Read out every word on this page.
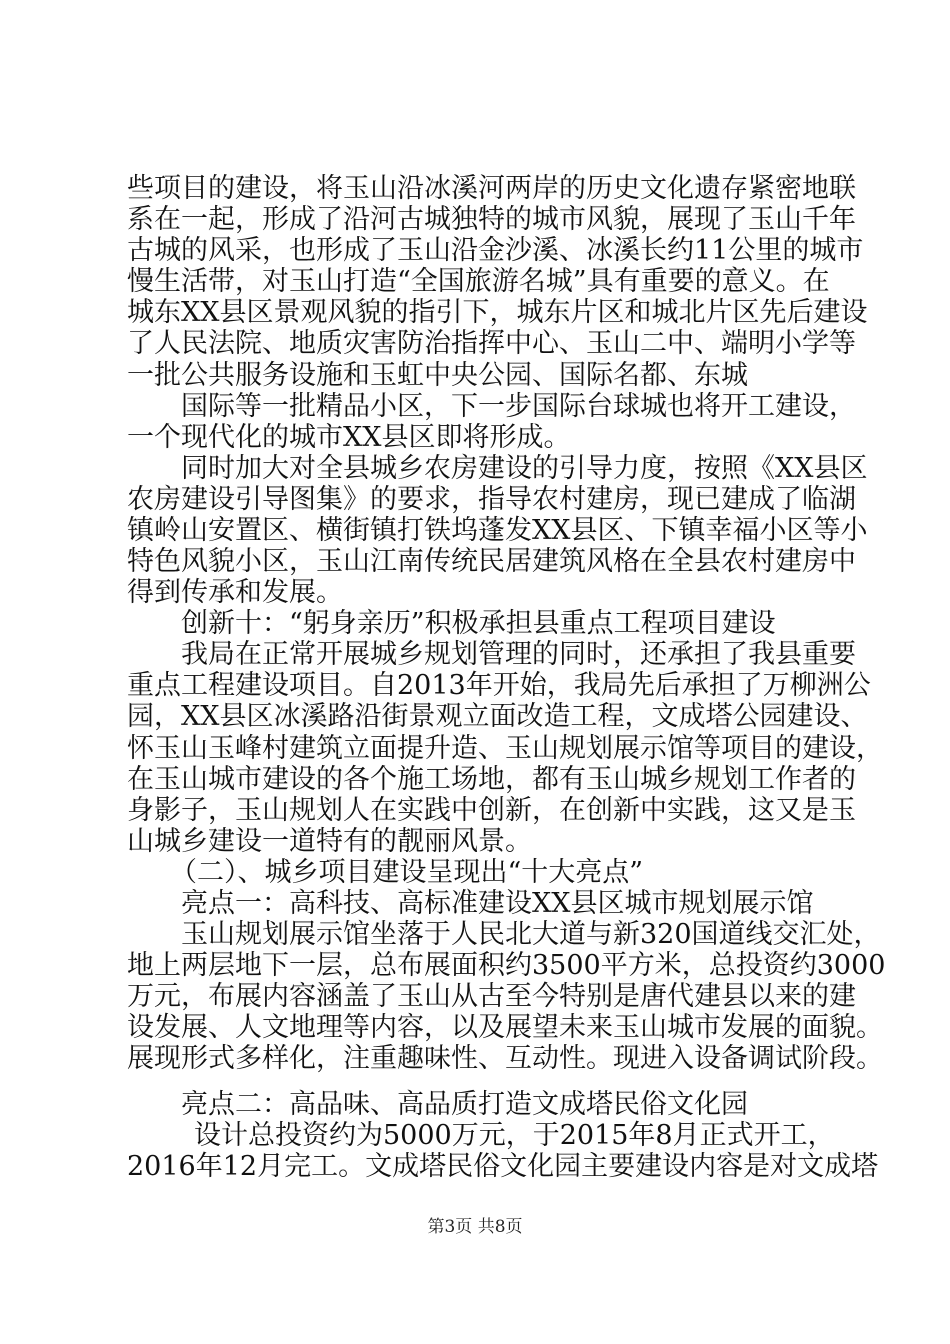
些项目的建设，将玉山沿冰溪河两岸的历史文化遗存紧密地联
系在一起，形成了沿河古城独特的城市风貌，展现了玉山千年
古城的风采，也形成了玉山沿金沙溪、冰溪长约11公里的城市
慢生活带，对玉山打造“全国旅游名城”具有重要的意义。在
城东XX县区景观风貌的指引下，城东片区和城北片区先后建设
了人民法院、地质灾害防治指挥中心、玉山二中、端明小学等
一批公共服务设施和玉虹中央公园、国际名都、东城
国际等一批精品小区，下一步国际台球城也将开工建设，
一个现代化的城市XX县区即将形成。
同时加大对全县城乡农房建设的引导力度，按照《XX县区
农房建设引导图集》的要求，指导农村建房，现已建成了临湖
镇岭山安置区、横街镇打铁坞蓬发XX县区、下镇幸福小区等小
特色风貌小区，玉山江南传统民居建筑风格在全县农村建房中
得到传承和发展。
创新十：“躬身亲历”积极承担县重点工程项目建设
我局在正常开展城乡规划管理的同时，还承担了我县重要
重点工程建设项目。自2013年开始，我局先后承担了万柳洲公
园，XX县区冰溪路沿街景观立面改造工程，文成塔公园建设、
怀玉山玉峰村建筑立面提升造、玉山规划展示馆等项目的建设，
在玉山城市建设的各个施工场地，都有玉山城乡规划工作者的
身影子，玉山规划人在实践中创新，在创新中实践，这又是玉
山城乡建设一道特有的靓丽风景。
（二）、城乡项目建设呈现出“十大亮点”
亮点一：高科技、高标准建设XX县区城市规划展示馆
玉山规划展示馆坐落于人民北大道与新320国道线交汇处，
地上两层地下一层，总布展面积约3500平方米，总投资约3000
万元，布展内容涵盖了玉山从古至今特别是唐代建县以来的建
设发展、人文地理等内容，以及展望未来玉山城市发展的面貌。
展现形式多样化，注重趣味性、互动性。现进入设备调试阶段。
亮点二：高品味、高品质打造文成塔民俗文化园
设计总投资约为5000万元，于2015年8月正式开工，
2016年12月完工。文成塔民俗文化园主要建设内容是对文成塔
第3页 共8页
